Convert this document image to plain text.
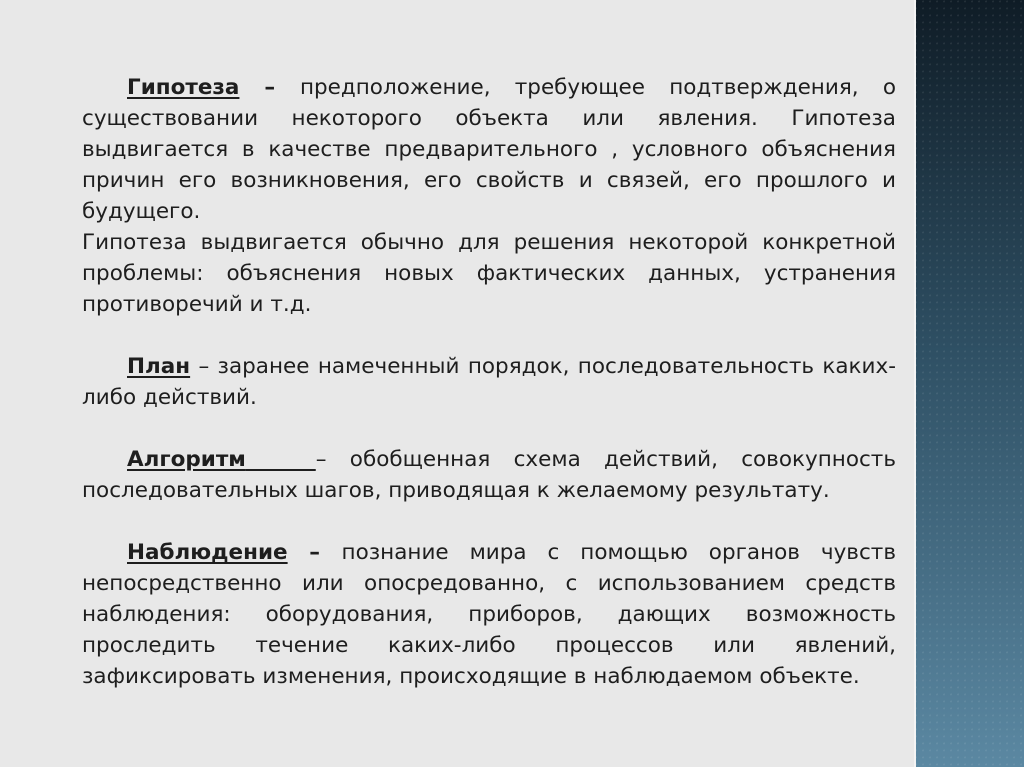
Гипотеза – предположение, требующее подтверждения, о существовании некоторого объекта или явления. Гипотеза выдвигается в качестве предварительного , условного объяснения причин его возникновения, его свойств и связей, его прошлого и будущего.

Гипотеза выдвигается обычно для решения некоторой конкретной проблемы: объяснения новых фактических данных, устранения противоречий и т.д.

План – заранее намеченный порядок, последовательность каких-либо действий.

Алгоритм	– обобщенная схема действий, совокупность последовательных шагов, приводящая к желаемому результату.

Наблюдение – познание мира с помощью органов чувств непосредственно или опосредованно, с использованием средств наблюдения: оборудования, приборов, дающих возможность проследить течение каких-либо процессов или явлений, зафиксировать изменения, происходящие в наблюдаемом объекте.
